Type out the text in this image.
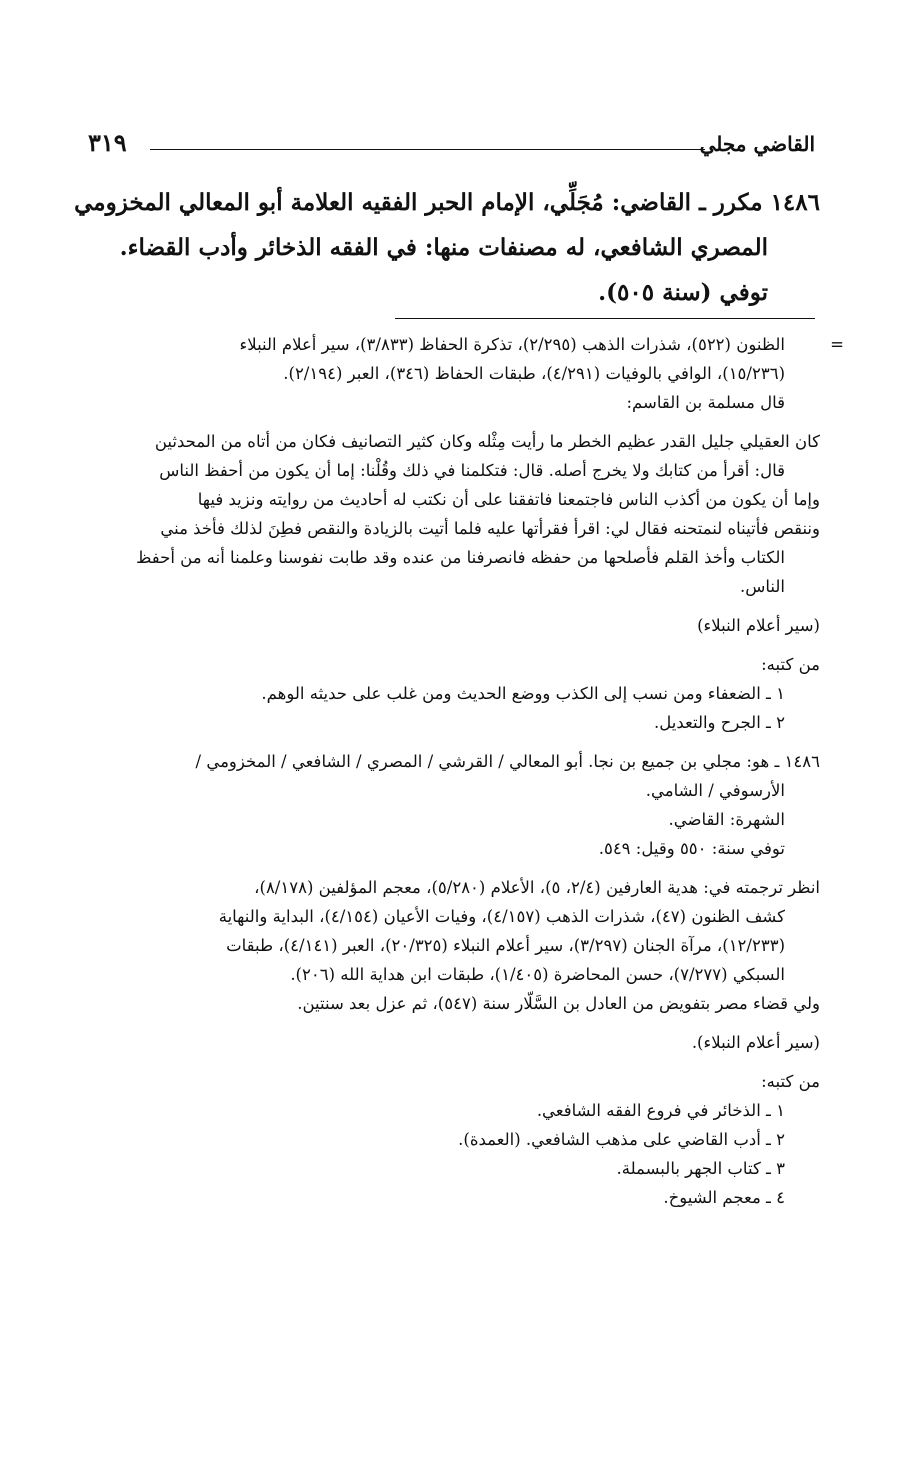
القاضي مجلي
٣١٩
١٤٨٦ مكرر ـ القاضي: مُجَلِّي، الإمام الحبر الفقيه العلامة أبو المعالي المخزومي
المصري الشافعي، له مصنفات منها: في الفقه الذخائر وأدب القضاء.
توفي (سنة ٥٠٥).
=

الظنون (٥٢٢)، شذرات الذهب (٢/٢٩٥)، تذكرة الحفاظ (٣/٨٣٣)، سير أعلام النبلاء

(١٥/٢٣٦)، الوافي بالوفيات (٤/٢٩١)، طبقات الحفاظ (٣٤٦)، العبر (٢/١٩٤).

قال مسلمة بن القاسم:

كان العقيلي جليل القدر عظيم الخطر ما رأيت مِثْله وكان كثير التصانيف فكان من أتاه من المحدثين

قال: أقرأ من كتابك ولا يخرج أصله. قال: فتكلمنا في ذلك وقُلْنا: إما أن يكون من أحفظ الناس

وإما أن يكون من أكذب الناس فاجتمعنا فاتفقنا على أن نكتب له أحاديث من روايته ونزيد فيها

وننقص فأتيناه لنمتحنه فقال لي: اقرأ فقرأتها عليه فلما أتيت بالزيادة والنقص فطِنَ لذلك فأخذ مني

الكتاب وأخذ القلم فأصلحها من حفظه فانصرفنا من عنده وقد طابت نفوسنا وعلمنا أنه من أحفظ

الناس.

(سير أعلام النبلاء)

من كتبه:

١ ـ الضعفاء ومن نسب إلى الكذب ووضع الحديث ومن غلب على حديثه الوهم.

٢ ـ الجرح والتعديل.

١٤٨٦ ـ هو: مجلي بن جميع بن نجا. أبو المعالي / القرشي / المصري / الشافعي / المخزومي /

الأرسوفي / الشامي.

الشهرة: القاضي.

توفي سنة: ٥٥٠ وقيل: ٥٤٩.

انظر ترجمته في: هدية العارفين (٢/٤، ٥)، الأعلام (٥/٢٨٠)، معجم المؤلفين (٨/١٧٨)،

كشف الظنون (٤٧)، شذرات الذهب (٤/١٥٧)، وفيات الأعيان (٤/١٥٤)، البداية والنهاية

(١٢/٢٣٣)، مرآة الجنان (٣/٢٩٧)، سير أعلام النبلاء (٢٠/٣٢٥)، العبر (٤/١٤١)، طبقات

السبكي (٧/٢٧٧)، حسن المحاضرة (١/٤٠٥)، طبقات ابن هداية الله (٢٠٦).

ولي قضاء مصر بتفويض من العادل بن السَّلّار سنة (٥٤٧)، ثم عزل بعد سنتين.

(سير أعلام النبلاء).

من كتبه:

١ ـ الذخائر في فروع الفقه الشافعي.

٢ ـ أدب القاضي على مذهب الشافعي. (العمدة).

٣ ـ كتاب الجهر بالبسملة.

٤ ـ معجم الشيوخ.
